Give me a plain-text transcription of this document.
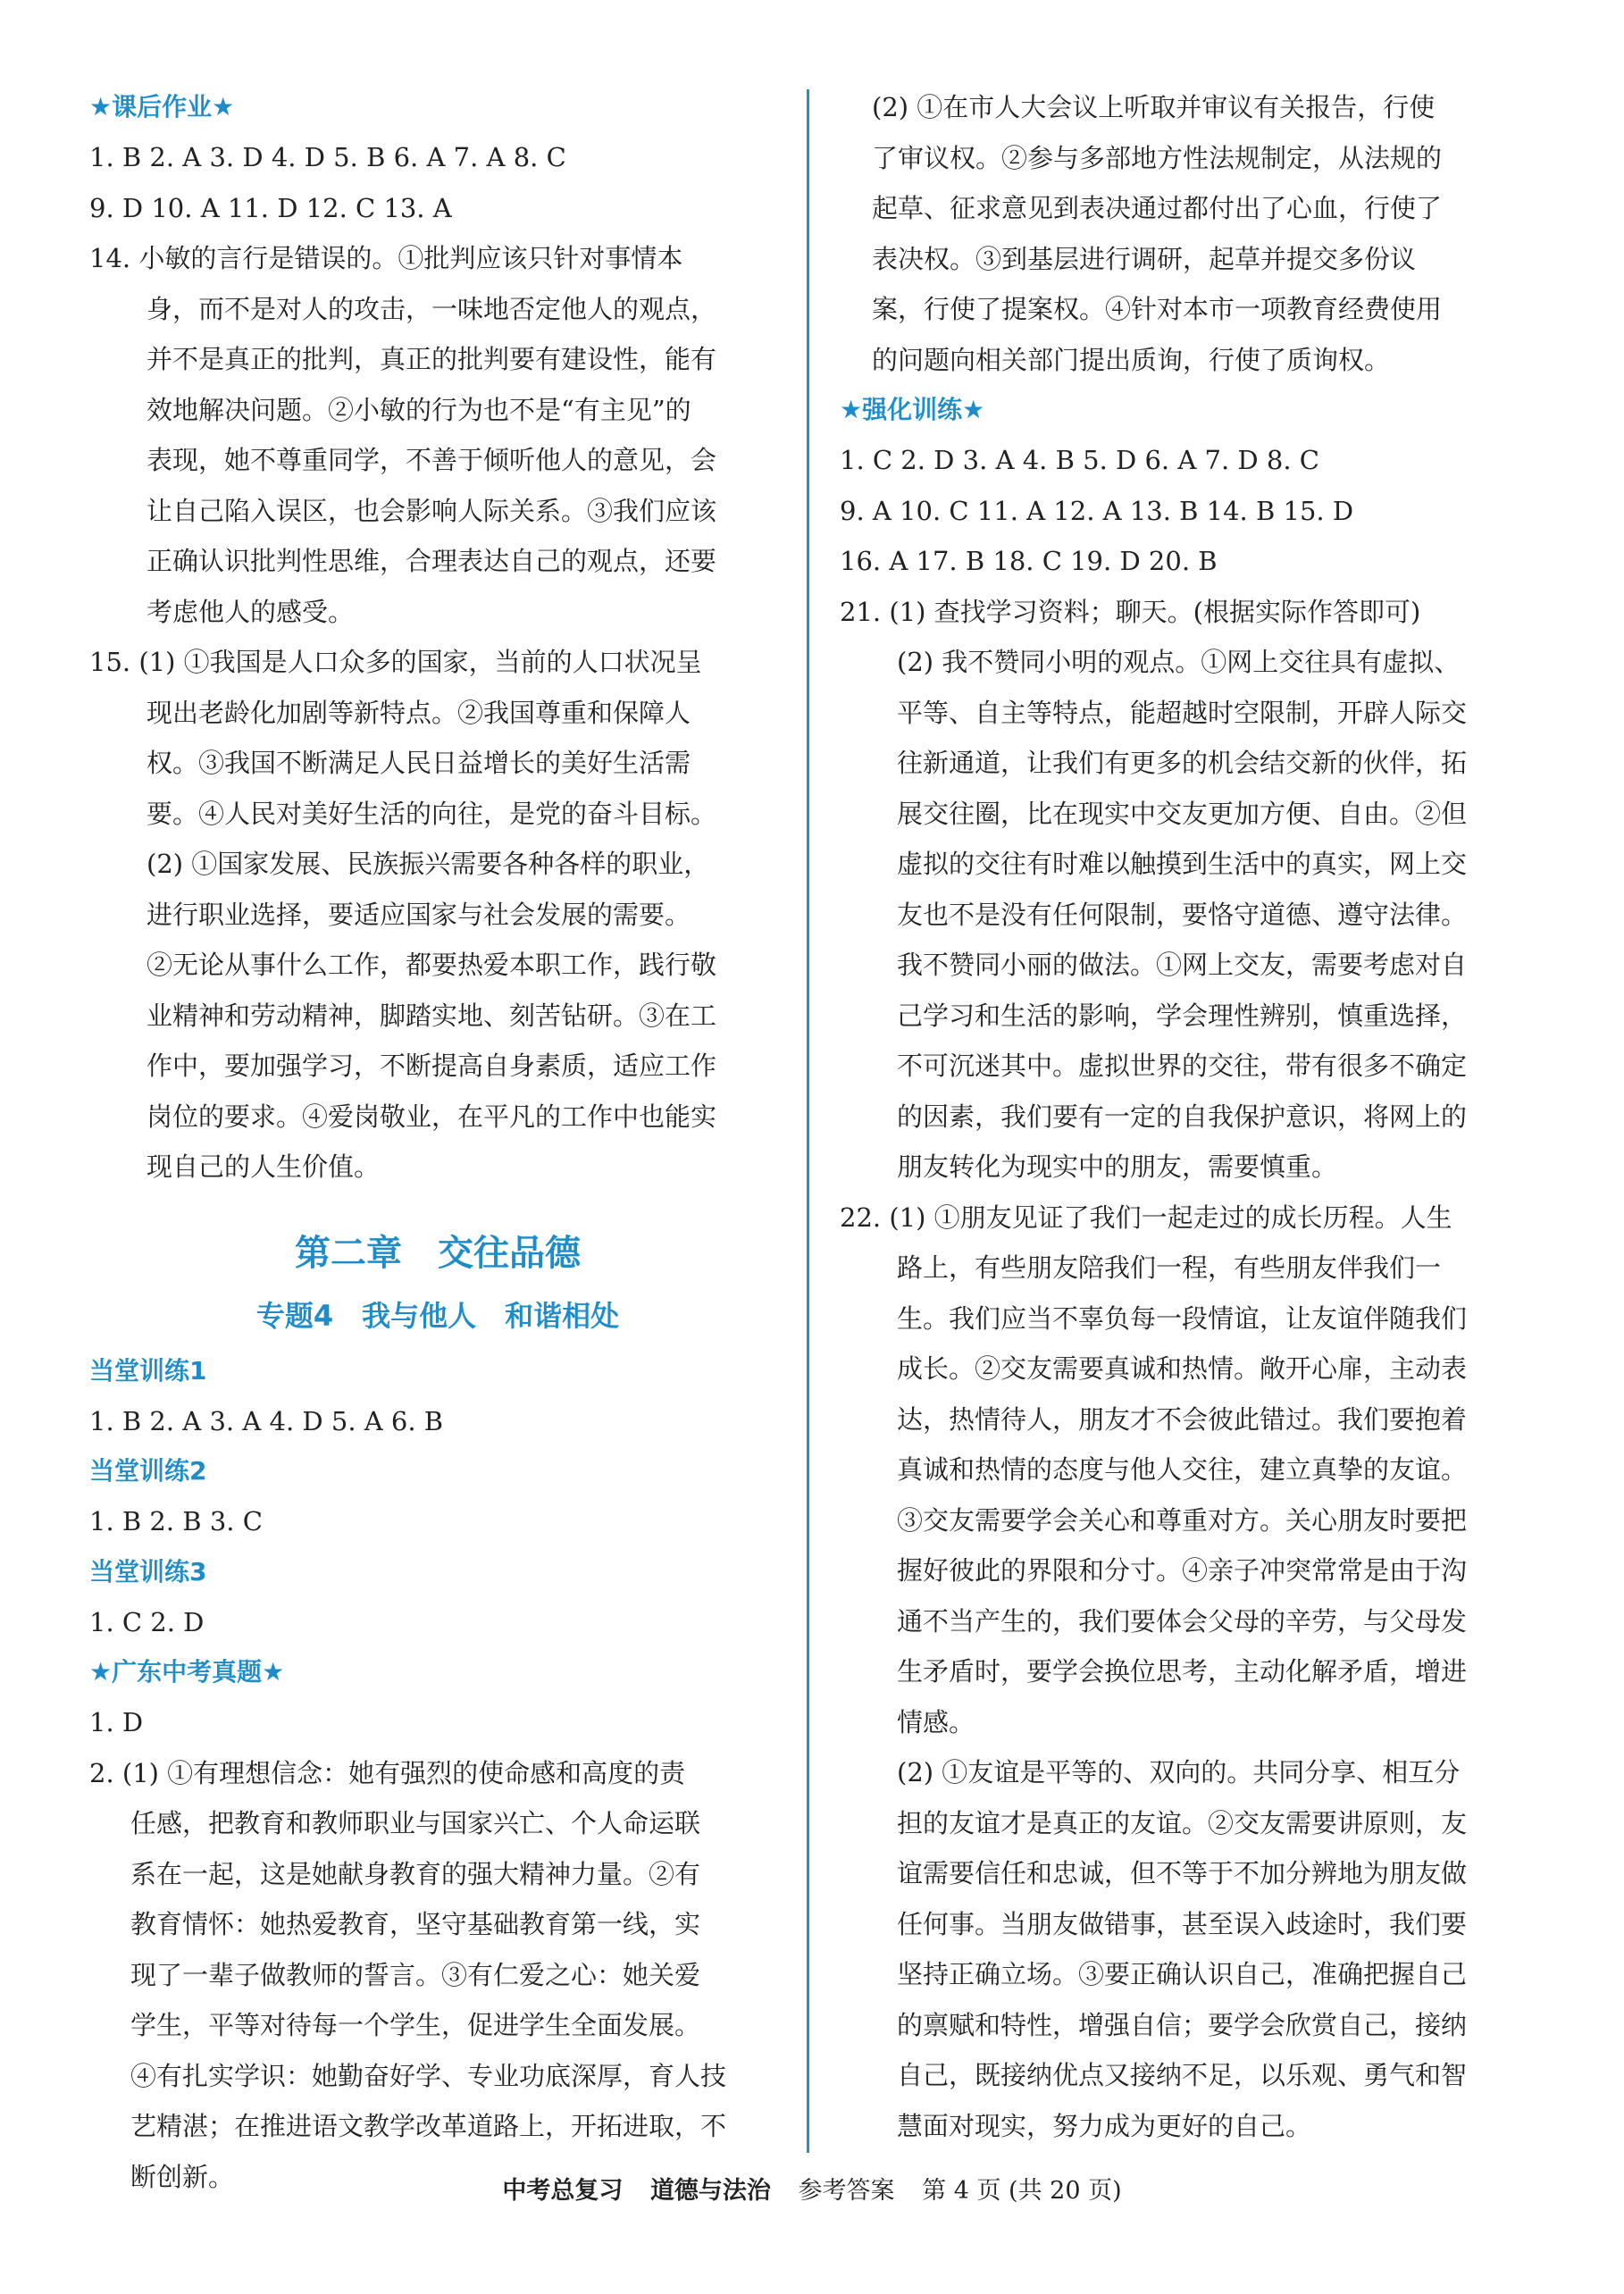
★课后作业★
1. B 2. A 3. D 4. D 5. B 6. A 7. A 8. C
9. D 10. A 11. D 12. C 13. A
14. 小敏的言行是错误的。①批判应该只针对事情本
身，而不是对人的攻击，一味地否定他人的观点，
并不是真正的批判，真正的批判要有建设性，能有
效地解决问题。②小敏的行为也不是“有主见”的
表现，她不尊重同学，不善于倾听他人的意见，会
让自己陷入误区，也会影响人际关系。③我们应该
正确认识批判性思维，合理表达自己的观点，还要
考虑他人的感受。
15. (1) ①我国是人口众多的国家，当前的人口状况呈
现出老龄化加剧等新特点。②我国尊重和保障人
权。③我国不断满足人民日益增长的美好生活需
要。④人民对美好生活的向往，是党的奋斗目标。
(2) ①国家发展、民族振兴需要各种各样的职业，
进行职业选择，要适应国家与社会发展的需要。
②无论从事什么工作，都要热爱本职工作，践行敬
业精神和劳动精神，脚踏实地、刻苦钻研。③在工
作中，要加强学习，不断提高自身素质，适应工作
岗位的要求。④爱岗敬业，在平凡的工作中也能实
现自己的人生价值。
第二章　交往品德
专题4　我与他人　和谐相处
当堂训练1
1. B 2. A 3. A 4. D 5. A 6. B
当堂训练2
1. B 2. B 3. C
当堂训练3
1. C 2. D
★广东中考真题★
1. D
2. (1) ①有理想信念：她有强烈的使命感和高度的责
任感，把教育和教师职业与国家兴亡、个人命运联
系在一起，这是她献身教育的强大精神力量。②有
教育情怀：她热爱教育，坚守基础教育第一线，实
现了一辈子做教师的誓言。③有仁爱之心：她关爱
学生，平等对待每一个学生，促进学生全面发展。
④有扎实学识：她勤奋好学、专业功底深厚，育人技
艺精湛；在推进语文教学改革道路上，开拓进取，不
断创新。
(2) ①在市人大会议上听取并审议有关报告，行使
了审议权。②参与多部地方性法规制定，从法规的
起草、征求意见到表决通过都付出了心血，行使了
表决权。③到基层进行调研，起草并提交多份议
案，行使了提案权。④针对本市一项教育经费使用
的问题向相关部门提出质询，行使了质询权。
★强化训练★
1. C 2. D 3. A 4. B 5. D 6. A 7. D 8. C
9. A 10. C 11. A 12. A 13. B 14. B 15. D
16. A 17. B 18. C 19. D 20. B
21. (1) 查找学习资料；聊天。(根据实际作答即可)
(2) 我不赞同小明的观点。①网上交往具有虚拟、
平等、自主等特点，能超越时空限制，开辟人际交
往新通道，让我们有更多的机会结交新的伙伴，拓
展交往圈，比在现实中交友更加方便、自由。②但
虚拟的交往有时难以触摸到生活中的真实，网上交
友也不是没有任何限制，要恪守道德、遵守法律。
我不赞同小丽的做法。①网上交友，需要考虑对自
己学习和生活的影响，学会理性辨别，慎重选择，
不可沉迷其中。虚拟世界的交往，带有很多不确定
的因素，我们要有一定的自我保护意识，将网上的
朋友转化为现实中的朋友，需要慎重。
22. (1) ①朋友见证了我们一起走过的成长历程。人生
路上，有些朋友陪我们一程，有些朋友伴我们一
生。我们应当不辜负每一段情谊，让友谊伴随我们
成长。②交友需要真诚和热情。敞开心扉，主动表
达，热情待人，朋友才不会彼此错过。我们要抱着
真诚和热情的态度与他人交往，建立真挚的友谊。
③交友需要学会关心和尊重对方。关心朋友时要把
握好彼此的界限和分寸。④亲子冲突常常是由于沟
通不当产生的，我们要体会父母的辛劳，与父母发
生矛盾时，要学会换位思考，主动化解矛盾，增进
情感。
(2) ①友谊是平等的、双向的。共同分享、相互分
担的友谊才是真正的友谊。②交友需要讲原则，友
谊需要信任和忠诚，但不等于不加分辨地为朋友做
任何事。当朋友做错事，甚至误入歧途时，我们要
坚持正确立场。③要正确认识自己，准确把握自己
的禀赋和特性，增强自信；要学会欣赏自己，接纳
自己，既接纳优点又接纳不足，以乐观、勇气和智
慧面对现实，努力成为更好的自己。
中考总复习 道德与法治 参考答案 第 4 页 (共 20 页)
